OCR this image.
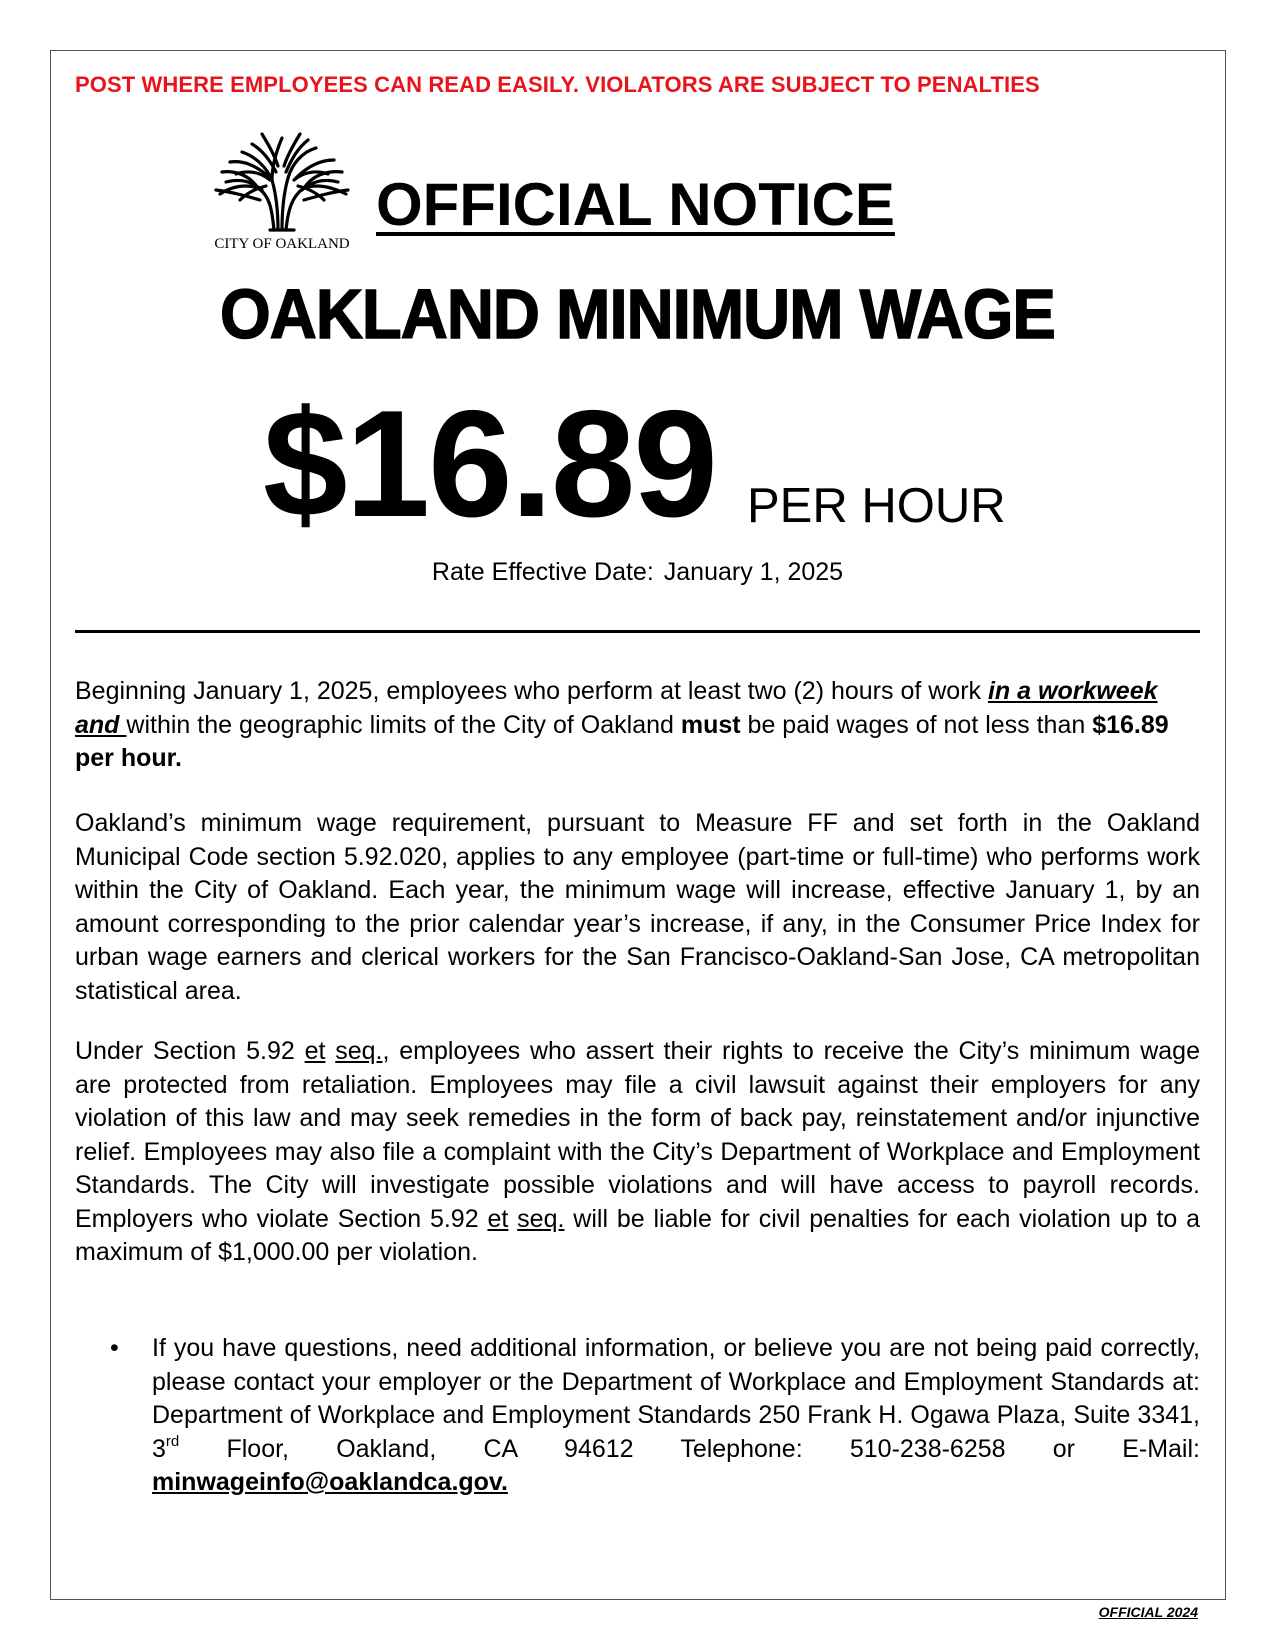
POST WHERE EMPLOYEES CAN READ EASILY. VIOLATORS ARE SUBJECT TO PENALTIES
CITY OF OAKLAND
OFFICIAL NOTICE
OAKLAND MINIMUM WAGE
$16.89 PER HOUR
Rate Effective Date: January 1, 2025
Beginning January 1, 2025, employees who perform at least two (2) hours of work in a workweek and within the geographic limits of the City of Oakland must be paid wages of not less than $16.89 per hour.
Oakland’s minimum wage requirement, pursuant to Measure FF and set forth in the Oakland Municipal Code section 5.92.020, applies to any employee (part-time or full-time) who performs work within the City of Oakland. Each year, the minimum wage will increase, effective January 1, by an amount corresponding to the prior calendar year’s increase, if any, in the Consumer Price Index for urban wage earners and clerical workers for the San Francisco-Oakland-San Jose, CA metropolitan statistical area.
Under Section 5.92 et seq., employees who assert their rights to receive the City’s minimum wage are protected from retaliation. Employees may file a civil lawsuit against their employers for any violation of this law and may seek remedies in the form of back pay, reinstatement and/or injunctive relief. Employees may also file a complaint with the City’s Department of Workplace and Employment Standards. The City will investigate possible violations and will have access to payroll records. Employers who violate Section 5.92 et seq. will be liable for civil penalties for each violation up to a maximum of $1,000.00 per violation.
• If you have questions, need additional information, or believe you are not being paid correctly, please contact your employer or the Department of Workplace and Employment Standards at: Department of Workplace and Employment Standards 250 Frank H. Ogawa Plaza, Suite 3341, 3rd Floor, Oakland, CA 94612 Telephone: 510-238-6258 or E-Mail: minwageinfo@oaklandca.gov.
OFFICIAL 2024
